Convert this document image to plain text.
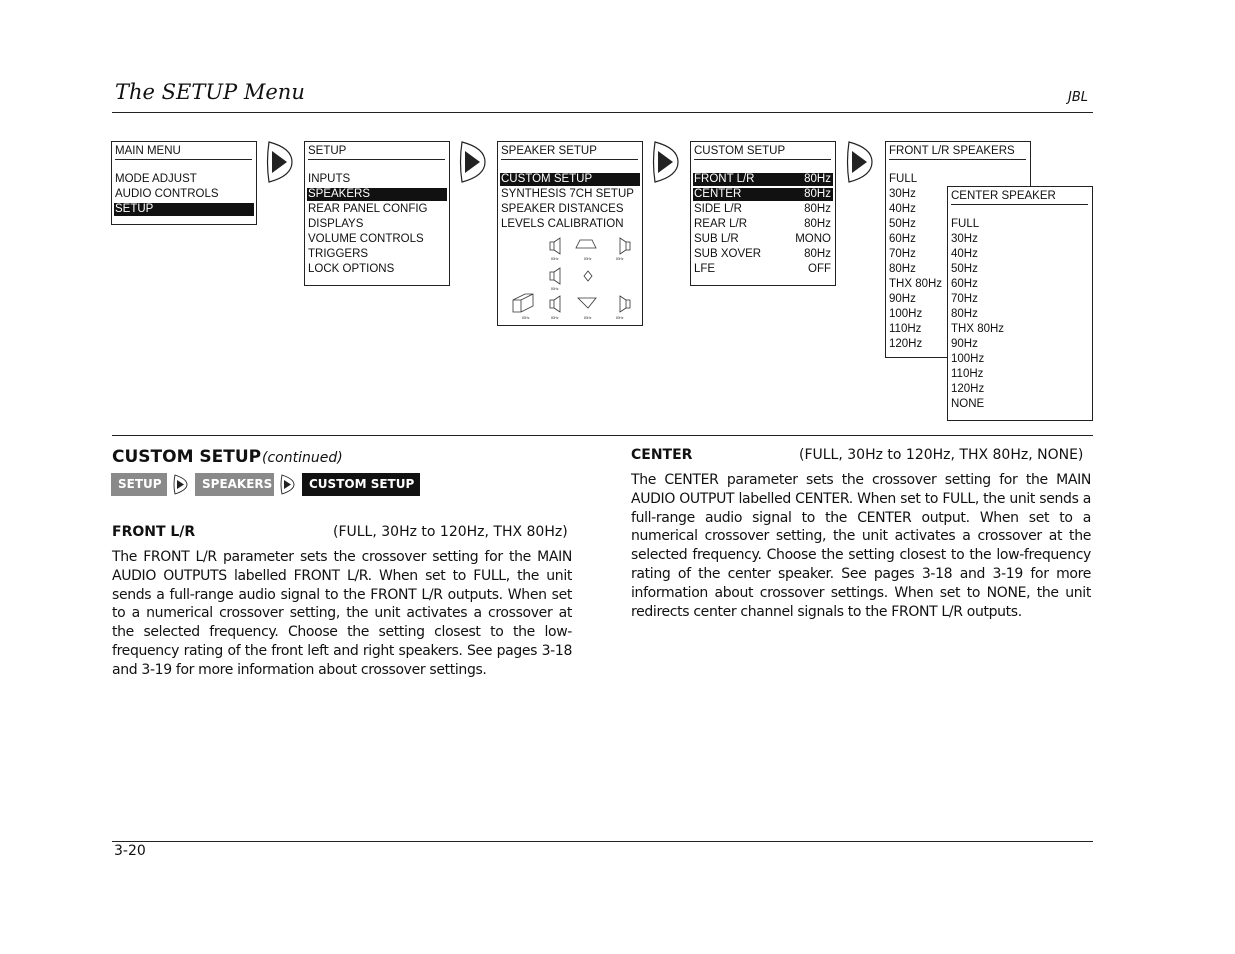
The SETUP Menu	JBL
MAIN MENU
MODE ADJUST
AUDIO CONTROLS
SETUP
SETUP
INPUTS
SPEAKERS
REAR PANEL CONFIG
DISPLAYS
VOLUME CONTROLS
TRIGGERS
LOCK OPTIONS
SPEAKER SETUP
CUSTOM SETUP
SYNTHESIS 7CH SETUP
SPEAKER DISTANCES
LEVELS CALIBRATION
80Hz	80Hz	80Hz	80Hz
80Hz	80Hz	80Hz
80Hz
CUSTOM SETUP
FRONT L/R	80Hz
CENTER	80Hz
SIDE L/R	80Hz
REAR L/R	80Hz
SUB L/R	MONO
SUB XOVER	80Hz
LFE	OFF
FRONT L/R SPEAKERS
FULL
30Hz
40Hz
50Hz
60Hz
70Hz
80Hz
THX 80Hz
90Hz
100Hz
110Hz
120Hz
CENTER SPEAKER
FULL
30Hz
40Hz
50Hz
60Hz
70Hz
80Hz
THX 80Hz
90Hz
100Hz
110Hz
120Hz
NONE
CUSTOM SETUP (continued)
SETUP	SPEAKERS	CUSTOM SETUP
FRONT L/R	(FULL, 30Hz to 120Hz, THX 80Hz)
The FRONT L/R parameter sets the crossover setting for the MAIN AUDIO OUTPUTS labelled FRONT L/R. When set to FULL, the unit sends a full-range audio signal to the FRONT L/R outputs. When set to a numerical crossover setting, the unit activates a crossover at the selected frequency. Choose the setting closest to the low-frequency rating of the front left and right speakers. See pages 3-18 and 3-19 for more information about crossover settings.
CENTER	(FULL, 30Hz to 120Hz, THX 80Hz, NONE)
The CENTER parameter sets the crossover setting for the MAIN AUDIO OUTPUT labelled CENTER. When set to FULL, the unit sends a full-range audio signal to the CENTER output. When set to a numerical crossover setting, the unit activates a crossover at the selected frequency. Choose the setting closest to the low-frequency rating of the center speaker. See pages 3-18 and 3-19 for more information about crossover settings. When set to NONE, the unit redirects center channel signals to the FRONT L/R outputs.
3-20
